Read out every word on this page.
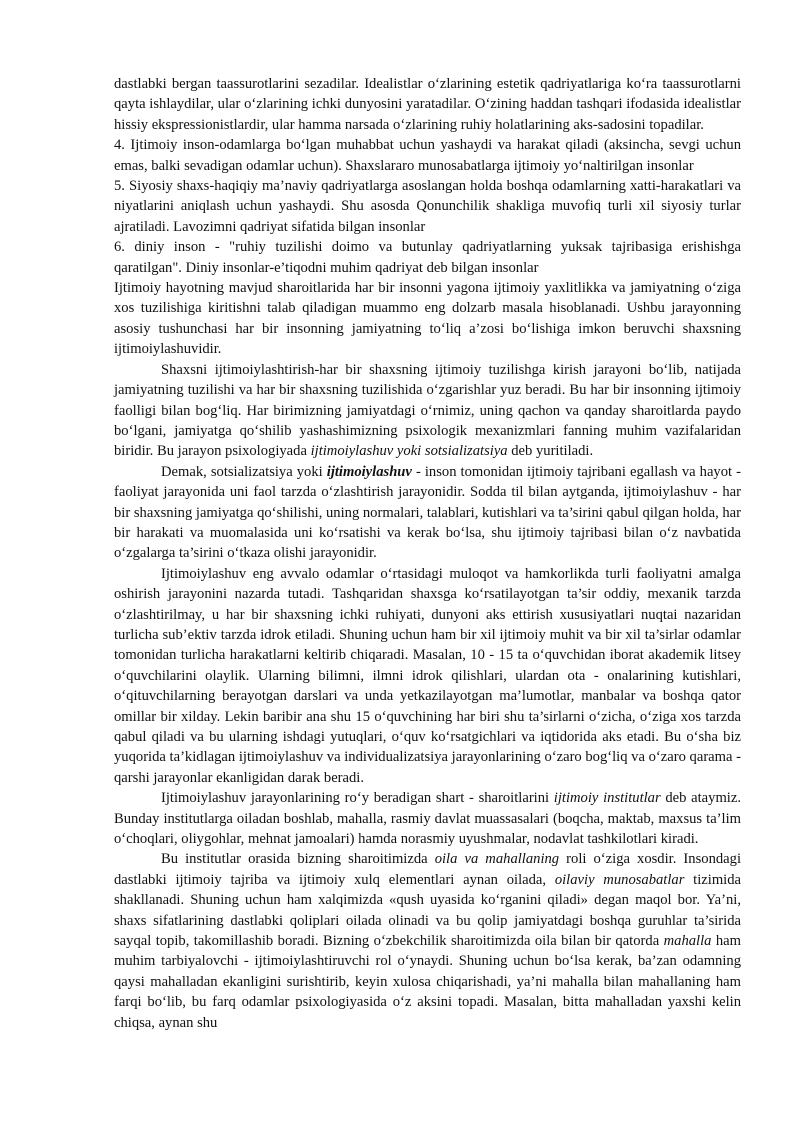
dastlabki bergan taassurotlarini sezadilar. Idealistlar o‘zlarining estetik qadriyatlariga ko‘ra taassurotlarni qayta ishlaydilar, ular o‘zlarining ichki dunyosini yaratadilar. O‘zining haddan tashqari ifodasida idealistlar hissiy ekspressionistlardir, ular hamma narsada o‘zlarining ruhiy holatlarining aks-sadosini topadilar.

4. Ijtimoiy inson-odamlarga bo‘lgan muhabbat uchun yashaydi va harakat qiladi (aksincha, sevgi uchun emas, balki sevadigan odamlar uchun). Shaxslararo munosabatlarga ijtimoiy yo‘naltirilgan insonlar

5. Siyosiy shaxs-haqiqiy ma’naviy qadriyatlarga asoslangan holda boshqa odamlarning xatti-harakatlari va niyatlarini aniqlash uchun yashaydi. Shu asosda Qonunchilik shakliga muvofiq turli xil siyosiy turlar ajratiladi. Lavozimni qadriyat sifatida bilgan insonlar

6. diniy inson - "ruhiy tuzilishi doimo va butunlay qadriyatlarning yuksak tajribasiga erishishga qaratilgan". Diniy insonlar-e’tiqodni muhim qadriyat deb bilgan insonlar

Ijtimoiy hayotning mavjud sharoitlarida har bir insonni yagona ijtimoiy yaxlitlikka va jamiyatning o‘ziga xos tuzilishiga kiritishni talab qiladigan muammo eng dolzarb masala hisoblanadi. Ushbu jarayonning asosiy tushunchasi har bir insonning jamiyatning to‘liq a’zosi bo‘lishiga imkon beruvchi shaxsning ijtimoiylashuvidir.

Shaxsni ijtimoiylashtirish-har bir shaxsning ijtimoiy tuzilishga kirish jarayoni bo‘lib, natijada jamiyatning tuzilishi va har bir shaxsning tuzilishida o‘zgarishlar yuz beradi. Bu har bir insonning ijtimoiy faolligi bilan bog‘liq. Har birimizning jamiyatdagi o‘rnimiz, uning qachon va qanday sharoitlarda paydo bo‘lgani, jamiyatga qo‘shilib yashashimizning psixologik mexanizmlari fanning muhim vazifalaridan biridir. Bu jarayon psixologiyada ijtimoiylashuv yoki sotsializatsiya deb yuritiladi.

Demak, sotsializatsiya yoki ijtimoiylashuv - inson tomonidan ijtimoiy tajribani egallash va hayot - faoliyat jarayonida uni faol tarzda o‘zlashtirish jarayonidir. Sodda til bilan aytganda, ijtimoiylashuv - har bir shaxsning jamiyatga qo‘shilishi, uning normalari, talablari, kutishlari va ta’sirini qabul qilgan holda, har bir harakati va muomalasida uni ko‘rsatishi va kerak bo‘lsa, shu ijtimoiy tajribasi bilan o‘z navbatida o‘zgalarga ta’sirini o‘tkaza olishi jarayonidir.

Ijtimoiylashuv eng avvalo odamlar o‘rtasidagi muloqot va hamkorlikda turli faoliyatni amalga oshirish jarayonini nazarda tutadi. Tashqaridan shaxsga ko‘rsatilayotgan ta’sir oddiy, mexanik tarzda o‘zlashtirilmay, u har bir shaxsning ichki ruhiyati, dunyoni aks ettirish xususiyatlari nuqtai nazaridan turlicha sub’ektiv tarzda idrok etiladi. Shuning uchun ham bir xil ijtimoiy muhit va bir xil ta’sirlar odamlar tomonidan turlicha harakatlarni keltirib chiqaradi. Masalan, 10 - 15 ta o‘quvchidan iborat akademik litsey o‘quvchilarini olaylik. Ularning bilimni, ilmni idrok qilishlari, ulardan ota - onalarining kutishlari, o‘qituvchilarning berayotgan darslari va unda yetkazilayotgan ma’lumotlar, manbalar va boshqa qator omillar bir xilday. Lekin baribir ana shu 15 o‘quvchining har biri shu ta’sirlarni o‘zicha, o‘ziga xos tarzda qabul qiladi va bu ularning ishdagi yutuqlari, o‘quv ko‘rsatgichlari va iqtidorida aks etadi. Bu o‘sha biz yuqorida ta’kidlagan ijtimoiylashuv va individualizatsiya jarayonlarining o‘zaro bog‘liq va o‘zaro qarama - qarshi jarayonlar ekanligidan darak beradi.

Ijtimoiylashuv jarayonlarining ro‘y beradigan shart - sharoitlarini ijtimoiy institutlar deb ataymiz. Bunday institutlarga oiladan boshlab, mahalla, rasmiy davlat muassasalari (boqcha, maktab, maxsus ta’lim o‘choqlari, oliygohlar, mehnat jamoalari) hamda norasmiy uyushmalar, nodavlat tashkilotlari kiradi.

Bu institutlar orasida bizning sharoitimizda oila va mahallaning roli o‘ziga xosdir. Insondagi dastlabki ijtimoiy tajriba va ijtimoiy xulq elementlari aynan oilada, oilaviy munosabatlar tizimida shakllanadi. Shuning uchun ham xalqimizda «qush uyasida ko‘rganini qiladi» degan maqol bor. Ya’ni, shaxs sifatlarining dastlabki qoliplari oilada olinadi va bu qolip jamiyatdagi boshqa guruhlar ta’sirida sayqal topib, takomillashib boradi. Bizning o‘zbekchilik sharoitimizda oila bilan bir qatorda mahalla ham muhim tarbiyalovchi - ijtimoiylashtiruvchi rol o‘ynaydi. Shuning uchun bo‘lsa kerak, ba’zan odamning qaysi mahalladan ekanligini surishtirib, keyin xulosa chiqarishadi, ya’ni mahalla bilan mahallaning ham farqi bo‘lib, bu farq odamlar psixologiyasida o‘z aksini topadi. Masalan, bitta mahalladan yaxshi kelin chiqsa, aynan shu
